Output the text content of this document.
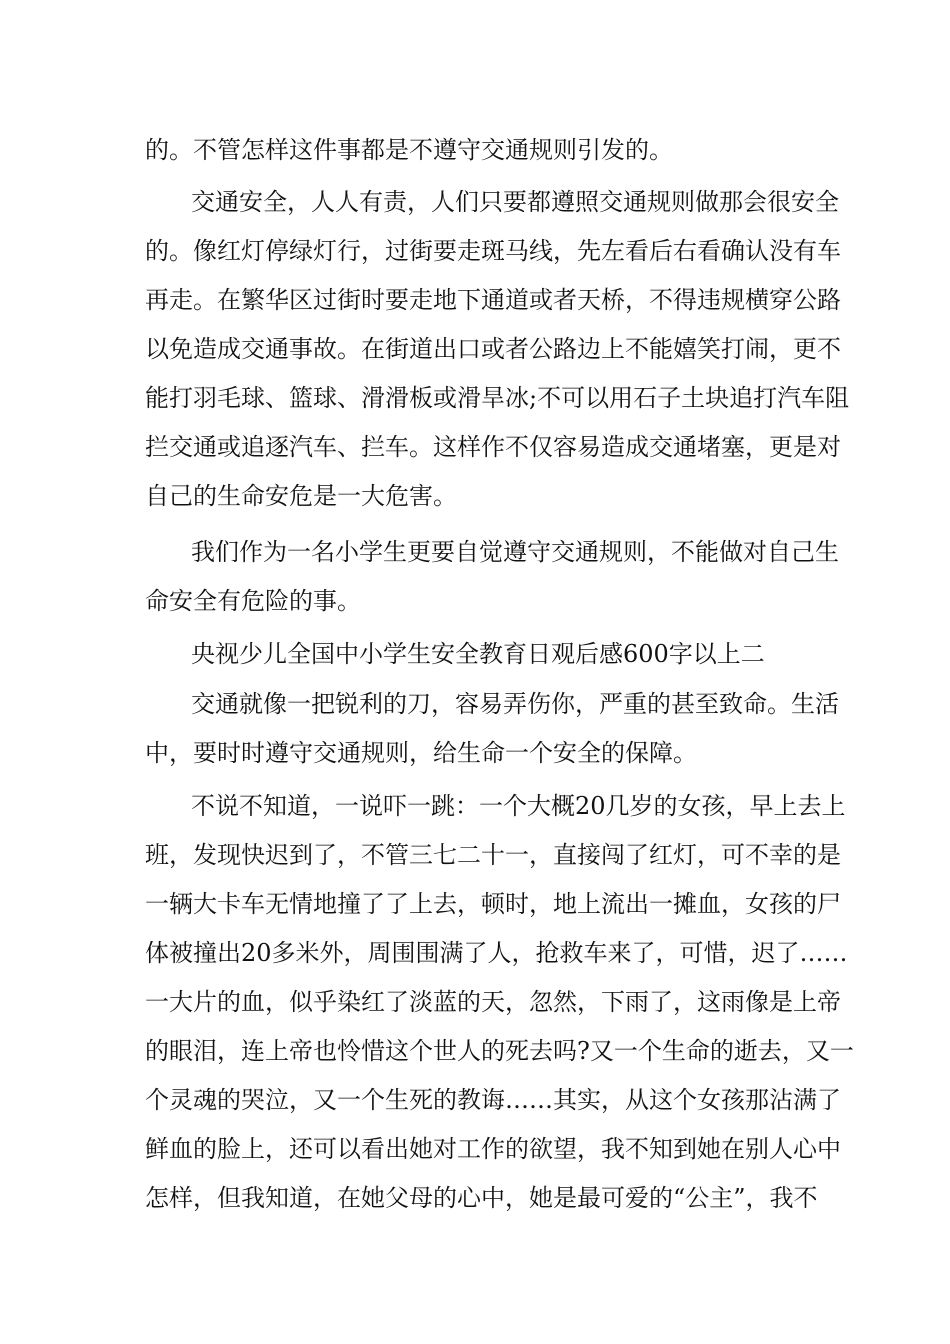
的。不管怎样这件事都是不遵守交通规则引发的。
交通安全，人人有责，人们只要都遵照交通规则做那会很安全
的。像红灯停绿灯行，过街要走斑马线，先左看后右看确认没有车
再走。在繁华区过街时要走地下通道或者天桥，不得违规横穿公路
以免造成交通事故。在街道出口或者公路边上不能嬉笑打闹，更不
能打羽毛球、篮球、滑滑板或滑旱冰;不可以用石子土块追打汽车阻
拦交通或追逐汽车、拦车。这样作不仅容易造成交通堵塞，更是对
自己的生命安危是一大危害。
我们作为一名小学生更要自觉遵守交通规则，不能做对自己生
命安全有危险的事。
央视少儿全国中小学生安全教育日观后感600字以上二
交通就像一把锐利的刀，容易弄伤你，严重的甚至致命。生活
中，要时时遵守交通规则，给生命一个安全的保障。
不说不知道，一说吓一跳：一个大概20几岁的女孩，早上去上
班，发现快迟到了，不管三七二十一，直接闯了红灯，可不幸的是
一辆大卡车无情地撞了了上去，顿时，地上流出一摊血，女孩的尸
体被撞出20多米外，周围围满了人，抢救车来了，可惜，迟了……
一大片的血，似乎染红了淡蓝的天，忽然，下雨了，这雨像是上帝
的眼泪，连上帝也怜惜这个世人的死去吗?又一个生命的逝去，又一
个灵魂的哭泣，又一个生死的教诲……其实，从这个女孩那沾满了
鲜血的脸上，还可以看出她对工作的欲望，我不知到她在别人心中
怎样，但我知道，在她父母的心中，她是最可爱的“公主”，我不
